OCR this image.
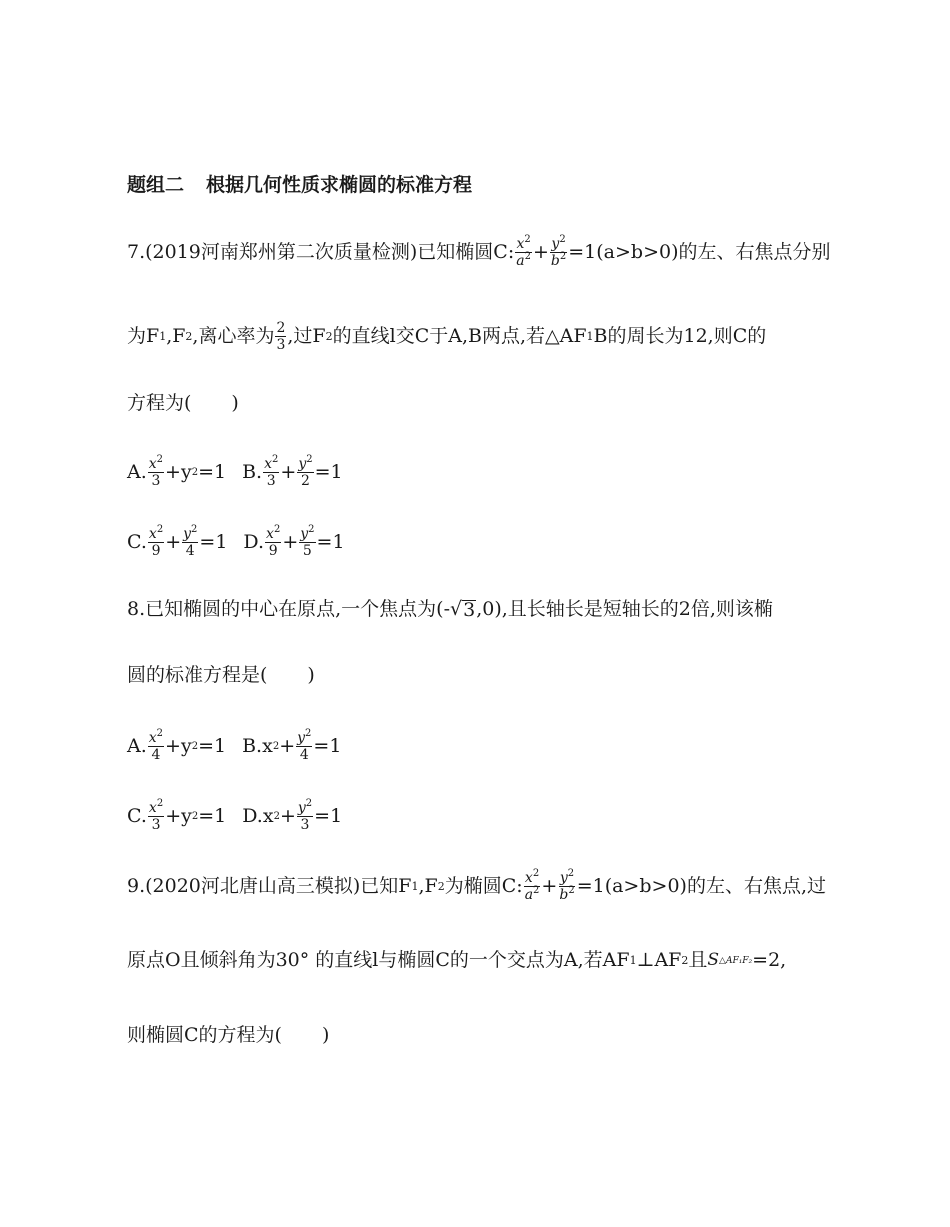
题组二 根据几何性质求椭圆的标准方程
7.(2019河南郑州第二次质量检测)已知椭圆C: $\frac{x^2}{a^2} + \frac{y^2}{b^2} =1(a>b>0)$的左、右焦点分别
为F 1 ,F 2 ,离心率为 $\frac{2}{3}$ ,过F 2 的直线l交C于A,B两点,若△AF 1 B的周长为12,则C的
方程为( )
A. $\frac{x^2}{3} +y$ 2 =1 B. $\frac{x^2}{3} + \frac{y^2}{2} =1$
C. $\frac{x^2}{9} + \frac{y^2}{4} =1$ D. $\frac{x^2}{9} + \frac{y^2}{5} =1$
8.已知椭圆的中心在原点,一个焦点为(- √ 3 ,0),且长轴长是短轴长的2倍,则该椭
圆的标准方程是( )
A. $\frac{x^2}{4} +y$ 2 =1 B. x $2 + \frac{y^2}{4} =1$
C. $\frac{x^2}{3} +y$ 2 =1 D. x $2 + \frac{y^2}{3} =1$
9.(2020河北唐山高三模拟)已知F 1 ,F 2 为椭圆C: $\frac{x^2}{a^2} + \frac{y^2}{b^2} =1(a>b>0)$的左、右焦点,过
原点O且倾斜角为30° 的直线l与椭圆C的一个交点为A,若AF 1 ⊥AF 2 且 S △AF₁F₂ =2,
则椭圆C的方程为( )
